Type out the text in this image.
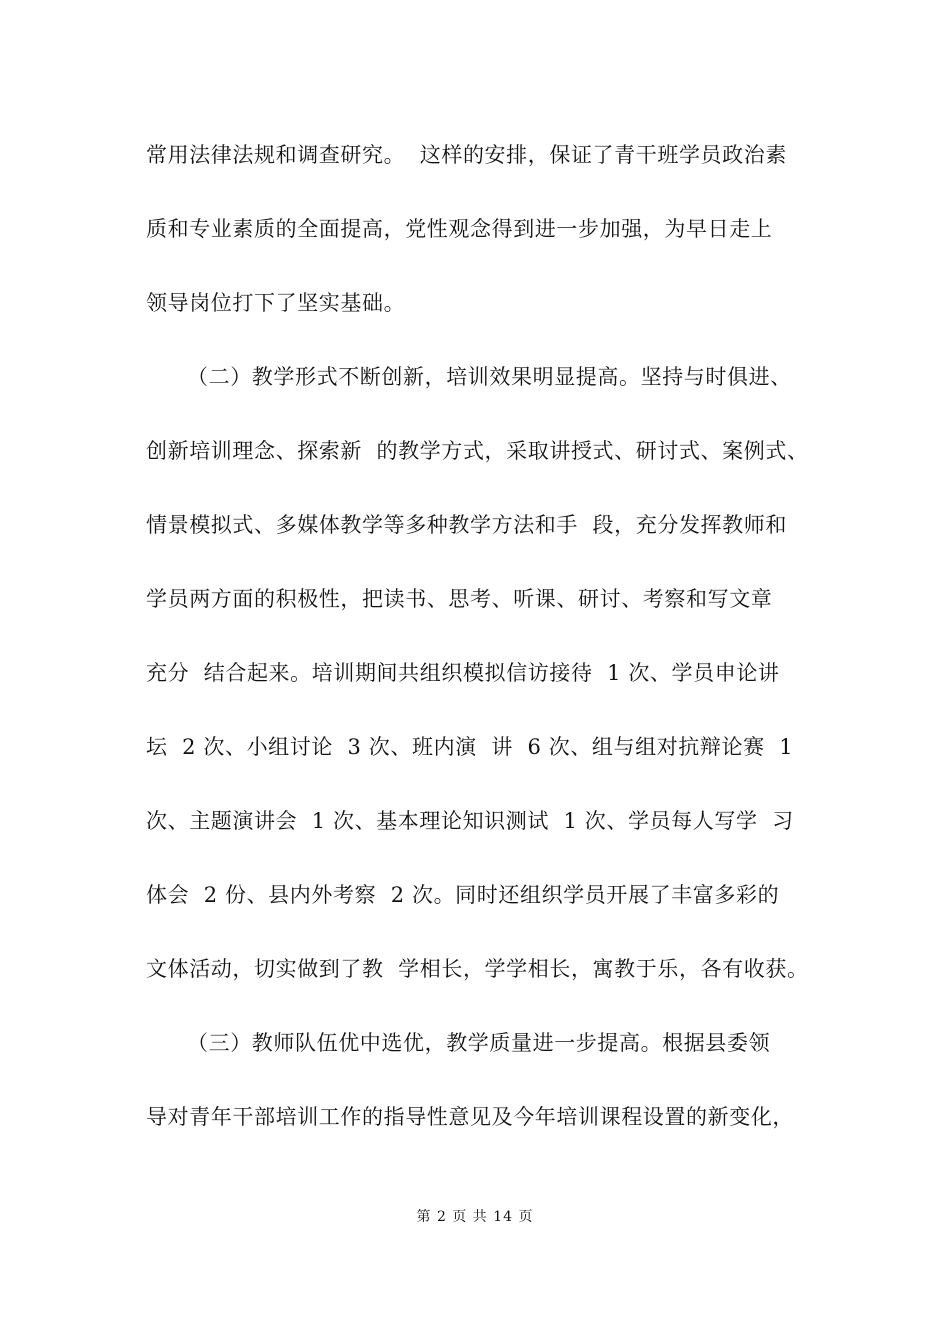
常用法律法规和调查研究。  这样的安排，保证了青干班学员政治素
质和专业素质的全面提高，党性观念得到进一步加强，为早日走上
领导岗位打下了坚实基础。
（二）教学形式不断创新，培训效果明显提高。坚持与时俱进、
创新培训理念、探索新  的教学方式，采取讲授式、研讨式、案例式、
情景模拟式、多媒体教学等多种教学方法和手  段，充分发挥教师和
学员两方面的积极性，把读书、思考、听课、研讨、考察和写文章
充分  结合起来。培训期间共组织模拟信访接待  1 次、学员申论讲
坛  2 次、小组讨论  3 次、班内演  讲  6 次、组与组对抗辩论赛  1
次、主题演讲会  1 次、基本理论知识测试  1 次、学员每人写学  习
体会  2 份、县内外考察  2 次。同时还组织学员开展了丰富多彩的
文体活动，切实做到了教  学相长，学学相长，寓教于乐，各有收获。
（三）教师队伍优中选优，教学质量进一步提高。根据县委领
导对青年干部培训工作的指导性意见及今年培训课程设置的新变化，
第 2 页 共 14 页
